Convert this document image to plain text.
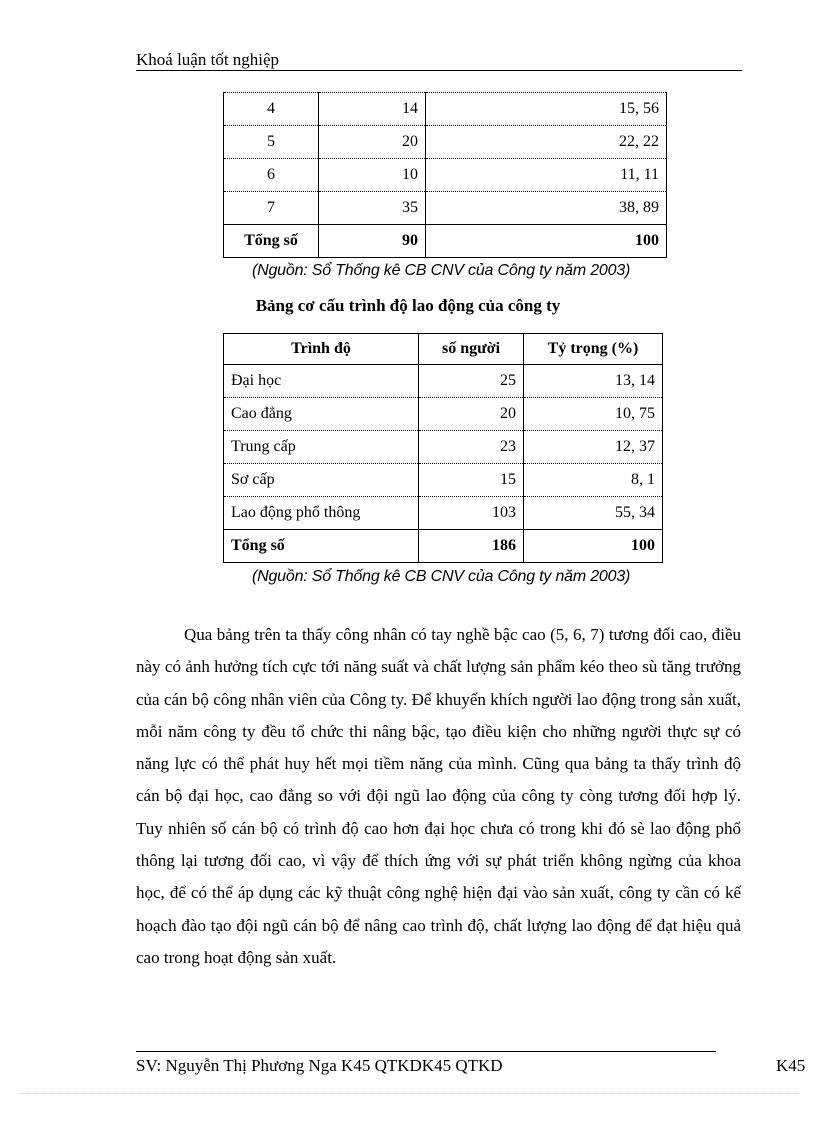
Khoá luận tốt nghiệp
4	14	15, 56
5	20	22, 22
6	10	11, 11
7	35	38, 89
Tổng số	90	100
(Nguồn: Sổ Thống kê CB CNV của Công ty năm 2003)
Bảng cơ cấu trình độ lao động của công ty
Trình độ	số người	Tỷ trọng (%)
Đại học	25	13, 14
Cao đẳng	20	10, 75
Trung cấp	23	12, 37
Sơ cấp	15	8, 1
Lao động phổ thông	103	55, 34
Tổng số	186	100
(Nguồn: Sổ Thống kê CB CNV của Công ty năm 2003)

Qua bảng trên ta thấy công nhân có tay nghề bậc cao (5, 6, 7) tương đối cao, điều này có ảnh hưởng tích cực tới năng suất và chất lượng sản phẩm kéo theo sù tăng trưởng của cán bộ công nhân viên của Công ty. Để khuyến khích người lao động trong sản xuất, mỗi năm công ty đều tổ chức thi nâng bậc, tạo điều kiện cho những người thực sự có năng lực có thể phát huy hết mọi tiềm năng của mình. Cũng qua bảng ta thấy trình độ cán bộ đại học, cao đẳng so với đội ngũ lao động của công ty còng tương đối hợp lý. Tuy nhiên số cán bộ có trình độ cao hơn đại học chưa có trong khi đó sè lao động phổ thông lại tương đối cao, vì vậy để thích ứng với sự phát triển không ngừng của khoa học, để có thể áp dụng các kỹ thuật công nghệ hiện đại vào sản xuất, công ty cần có kế hoạch đào tạo đội ngũ cán bộ để nâng cao trình độ, chất lượng lao động để đạt hiệu quả cao trong hoạt động sản xuất.

SV: Nguyễn Thị Phương Nga K45 QTKDK45 QTKD	K45
